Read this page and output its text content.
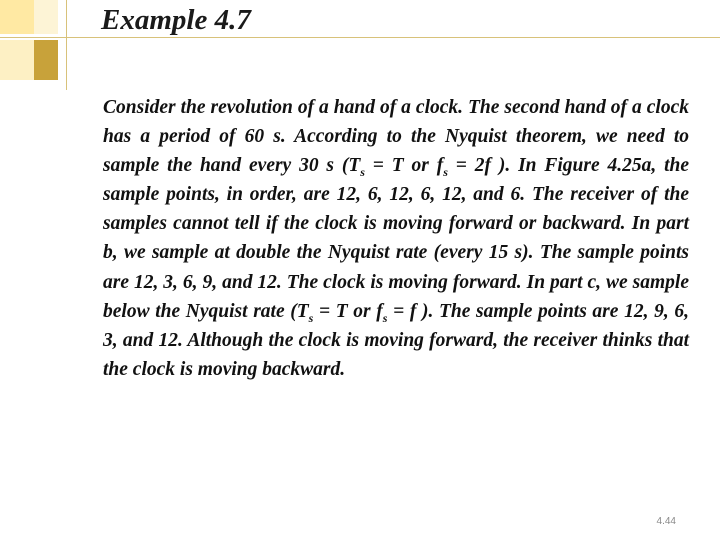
Example 4.7

Consider the revolution of a hand of a clock. The second hand of a clock has a period of 60 s. According to the Nyquist theorem, we need to sample the hand every 30 s ($T_s = T$ or $f_s = 2f$ ). In Figure 4.25a, the sample points, in order, are 12, 6, 12, 6, 12, and 6. The receiver of the samples cannot tell if the clock is moving forward or backward. In part b, we sample at double the Nyquist rate (every 15 s). The sample points are 12, 3, 6, 9, and 12. The clock is moving forward. In part c, we sample below the Nyquist rate ($T_s = T$ or $f_s = f$ ). The sample points are 12, 9, 6, 3, and 12. Although the clock is moving forward, the receiver thinks that the clock is moving backward.

4.44
